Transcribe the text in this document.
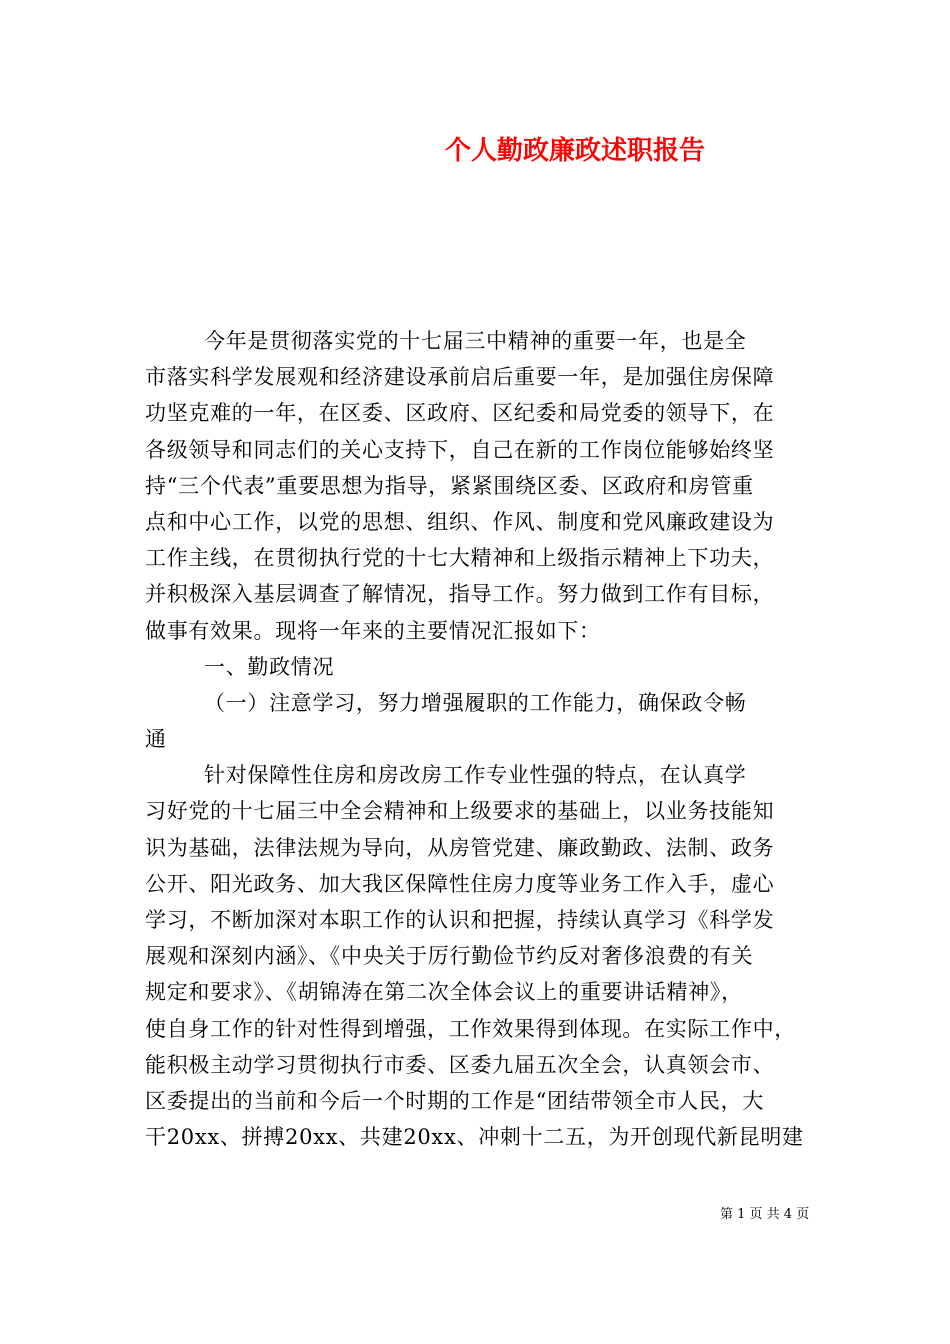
个人勤政廉政述职报告
今年是贯彻落实党的十七届三中精神的重要一年，也是全
市落实科学发展观和经济建设承前启后重要一年，是加强住房保障
功坚克难的一年，在区委、区政府、区纪委和局党委的领导下，在
各级领导和同志们的关心支持下，自己在新的工作岗位能够始终坚
持“三个代表”重要思想为指导，紧紧围绕区委、区政府和房管重
点和中心工作，以党的思想、组织、作风、制度和党风廉政建设为
工作主线，在贯彻执行党的十七大精神和上级指示精神上下功夫，
并积极深入基层调查了解情况，指导工作。努力做到工作有目标，
做事有效果。现将一年来的主要情况汇报如下：
一、勤政情况
（一）注意学习，努力增强履职的工作能力，确保政令畅
通
针对保障性住房和房改房工作专业性强的特点，在认真学
习好党的十七届三中全会精神和上级要求的基础上，以业务技能知
识为基础，法律法规为导向，从房管党建、廉政勤政、法制、政务
公开、阳光政务、加大我区保障性住房力度等业务工作入手，虚心
学习，不断加深对本职工作的认识和把握，持续认真学习《科学发
展观和深刻内涵》、《中央关于厉行勤俭节约反对奢侈浪费的有关
规定和要求》、《胡锦涛在第二次全体会议上的重要讲话精神》，
使自身工作的针对性得到增强，工作效果得到体现。在实际工作中，
能积极主动学习贯彻执行市委、区委九届五次全会，认真领会市、
区委提出的当前和今后一个时期的工作是“团结带领全市人民，大
干20xx、拼搏20xx、共建20xx、冲刺十二五，为开创现代新昆明建
第 1 页 共 4 页
